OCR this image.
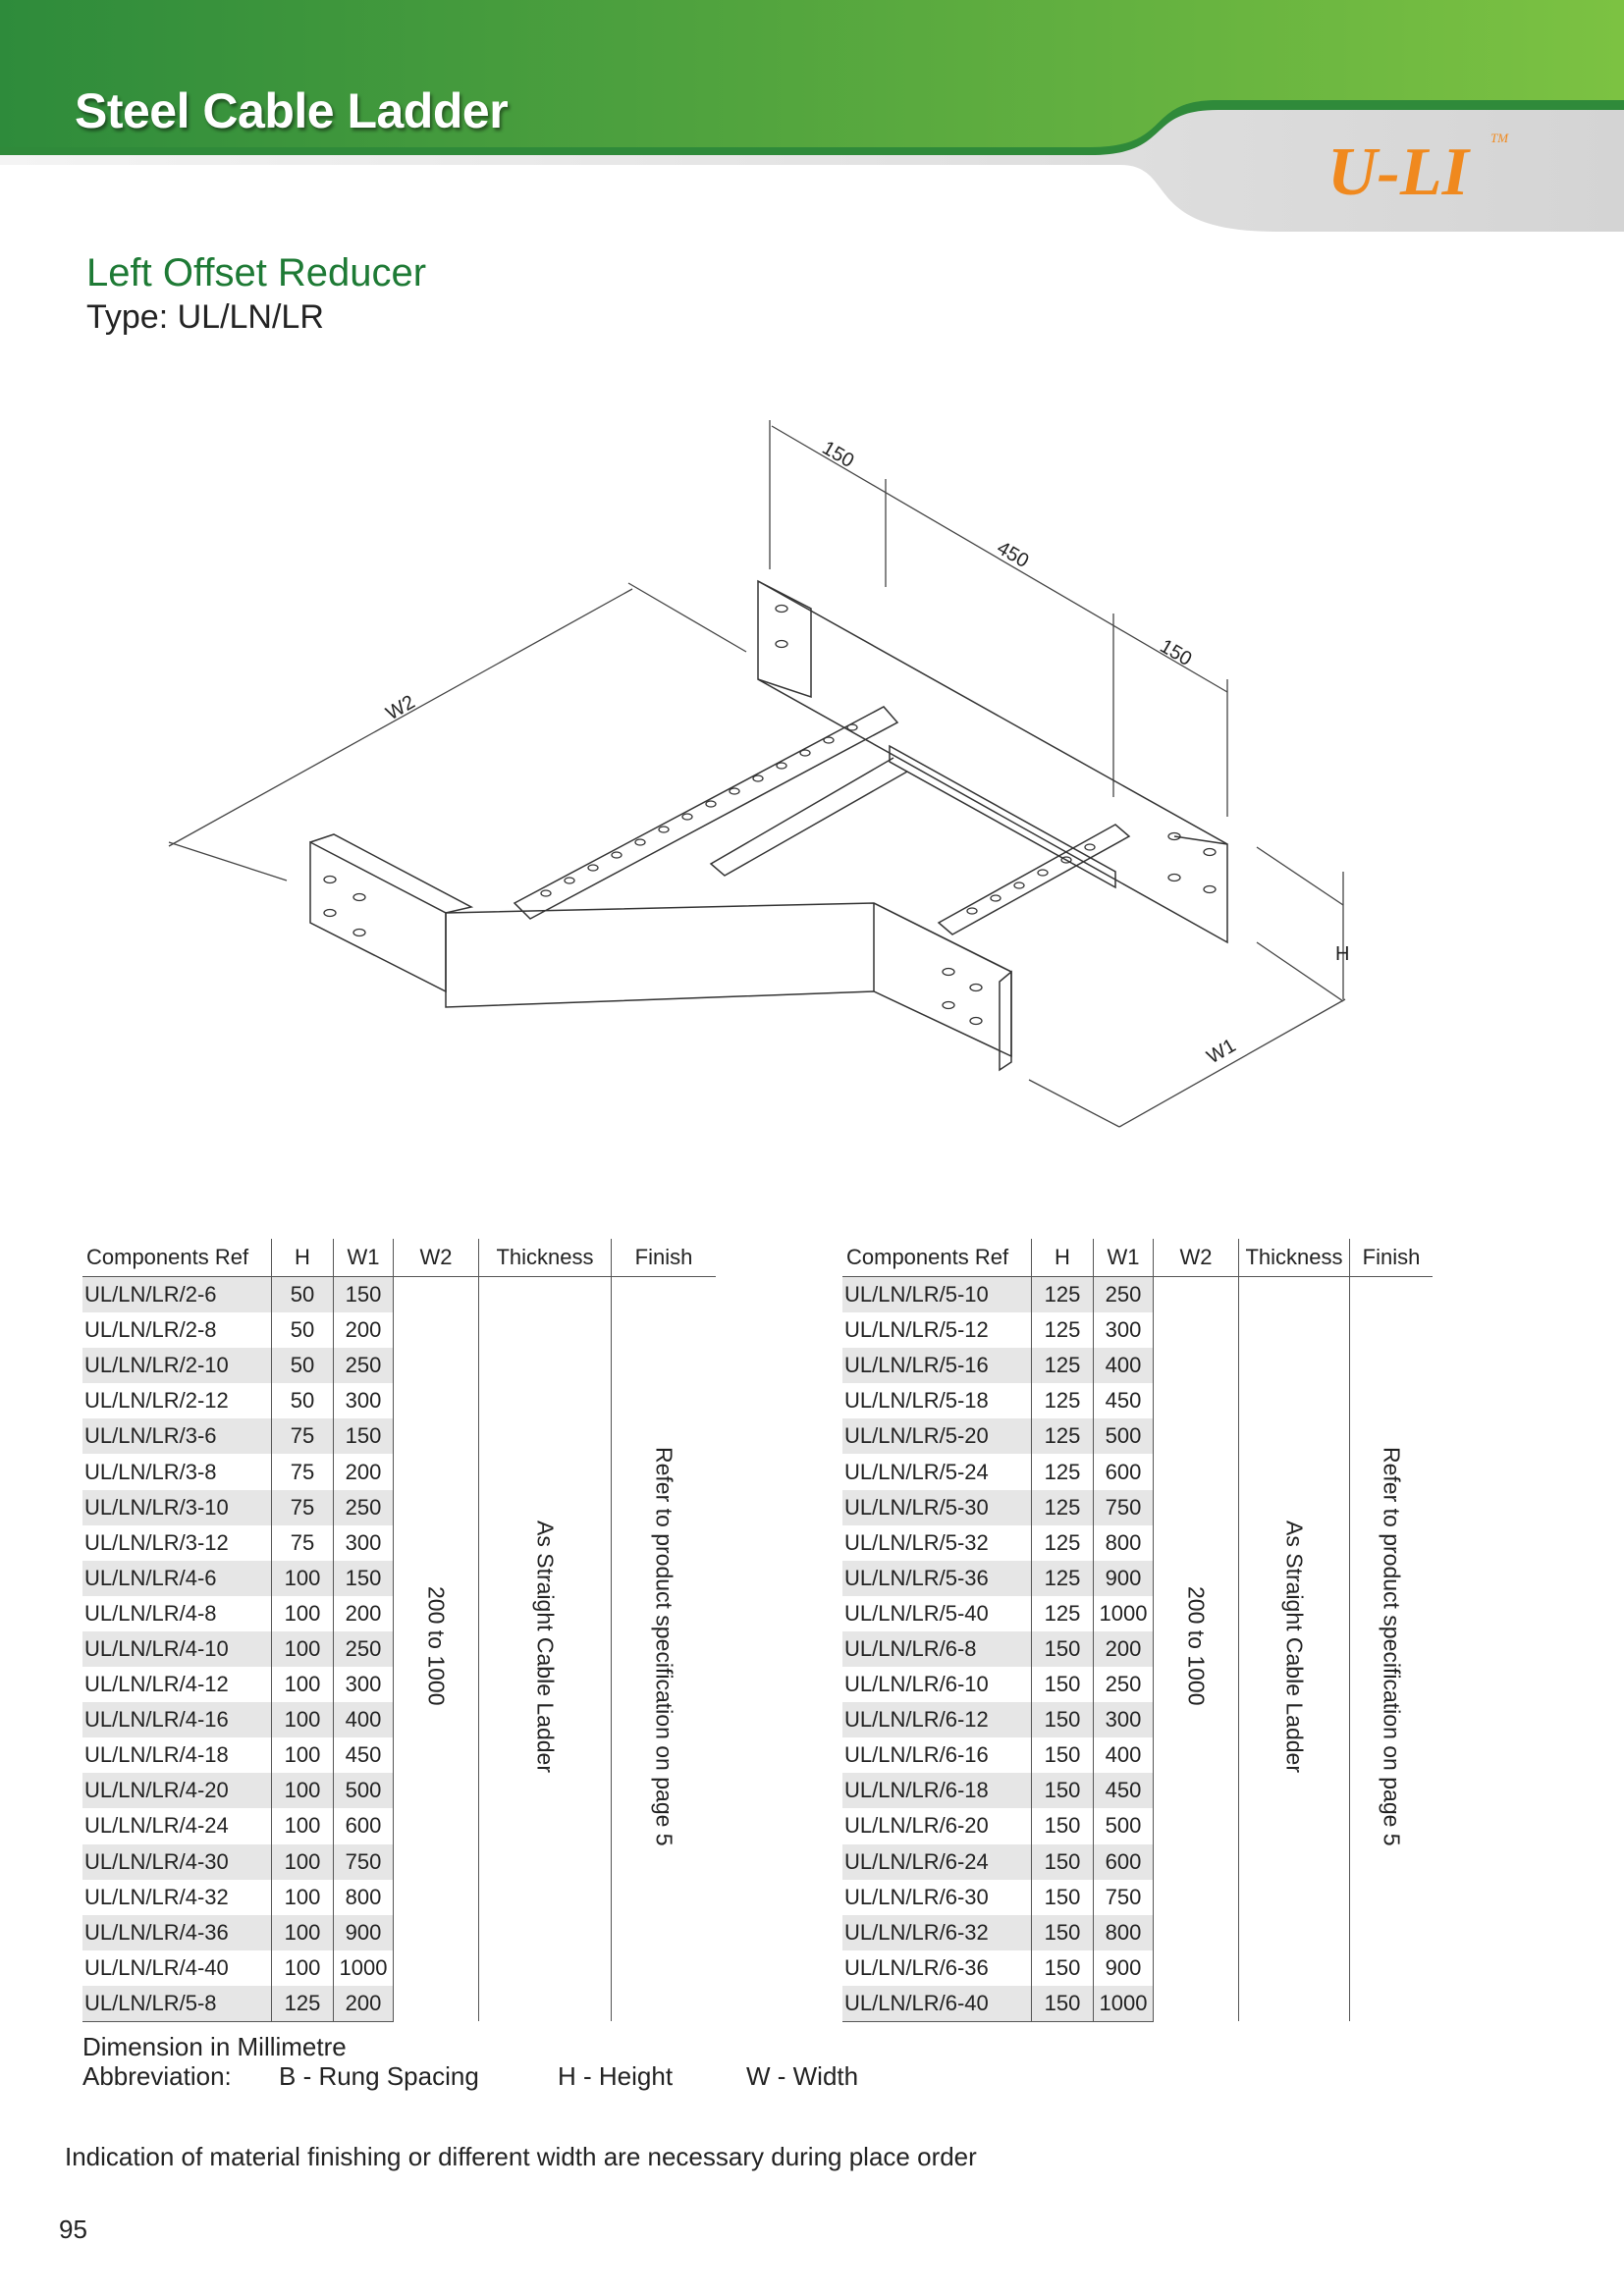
Steel Cable Ladder
U-LI TM
Left Offset Reducer
Type: UL/LN/LR
150
450
150
W2
H
W1
Components Ref	H	W1	W2	Thickness	Finish
UL/LN/LR/2-6	50	150	200 to 1000	As Straight Cable Ladder	Refer to product specification on page 5
UL/LN/LR/2-8	50	200			
UL/LN/LR/2-10	50	250			
UL/LN/LR/2-12	50	300			
UL/LN/LR/3-6	75	150			
UL/LN/LR/3-8	75	200			
UL/LN/LR/3-10	75	250			
UL/LN/LR/3-12	75	300			
UL/LN/LR/4-6	100	150			
UL/LN/LR/4-8	100	200			
UL/LN/LR/4-10	100	250			
UL/LN/LR/4-12	100	300			
UL/LN/LR/4-16	100	400			
UL/LN/LR/4-18	100	450			
UL/LN/LR/4-20	100	500			
UL/LN/LR/4-24	100	600			
UL/LN/LR/4-30	100	750			
UL/LN/LR/4-32	100	800			
UL/LN/LR/4-36	100	900			
UL/LN/LR/4-40	100	1000			
UL/LN/LR/5-8	125	200			
Components Ref	H	W1	W2	Thickness	Finish
UL/LN/LR/5-10	125	250	200 to 1000	As Straight Cable Ladder	Refer to product specification on page 5
UL/LN/LR/5-12	125	300			
UL/LN/LR/5-16	125	400			
UL/LN/LR/5-18	125	450			
UL/LN/LR/5-20	125	500			
UL/LN/LR/5-24	125	600			
UL/LN/LR/5-30	125	750			
UL/LN/LR/5-32	125	800			
UL/LN/LR/5-36	125	900			
UL/LN/LR/5-40	125	1000			
UL/LN/LR/6-8	150	200			
UL/LN/LR/6-10	150	250			
UL/LN/LR/6-12	150	300			
UL/LN/LR/6-16	150	400			
UL/LN/LR/6-18	150	450			
UL/LN/LR/6-20	150	500			
UL/LN/LR/6-24	150	600			
UL/LN/LR/6-30	150	750			
UL/LN/LR/6-32	150	800			
UL/LN/LR/6-36	150	900			
UL/LN/LR/6-40	150	1000			

Dimension in Millimetre

Abbreviation: B - Rung Spacing	H - Height	W - Width

Indication of material finishing or different width are necessary during place order

95
